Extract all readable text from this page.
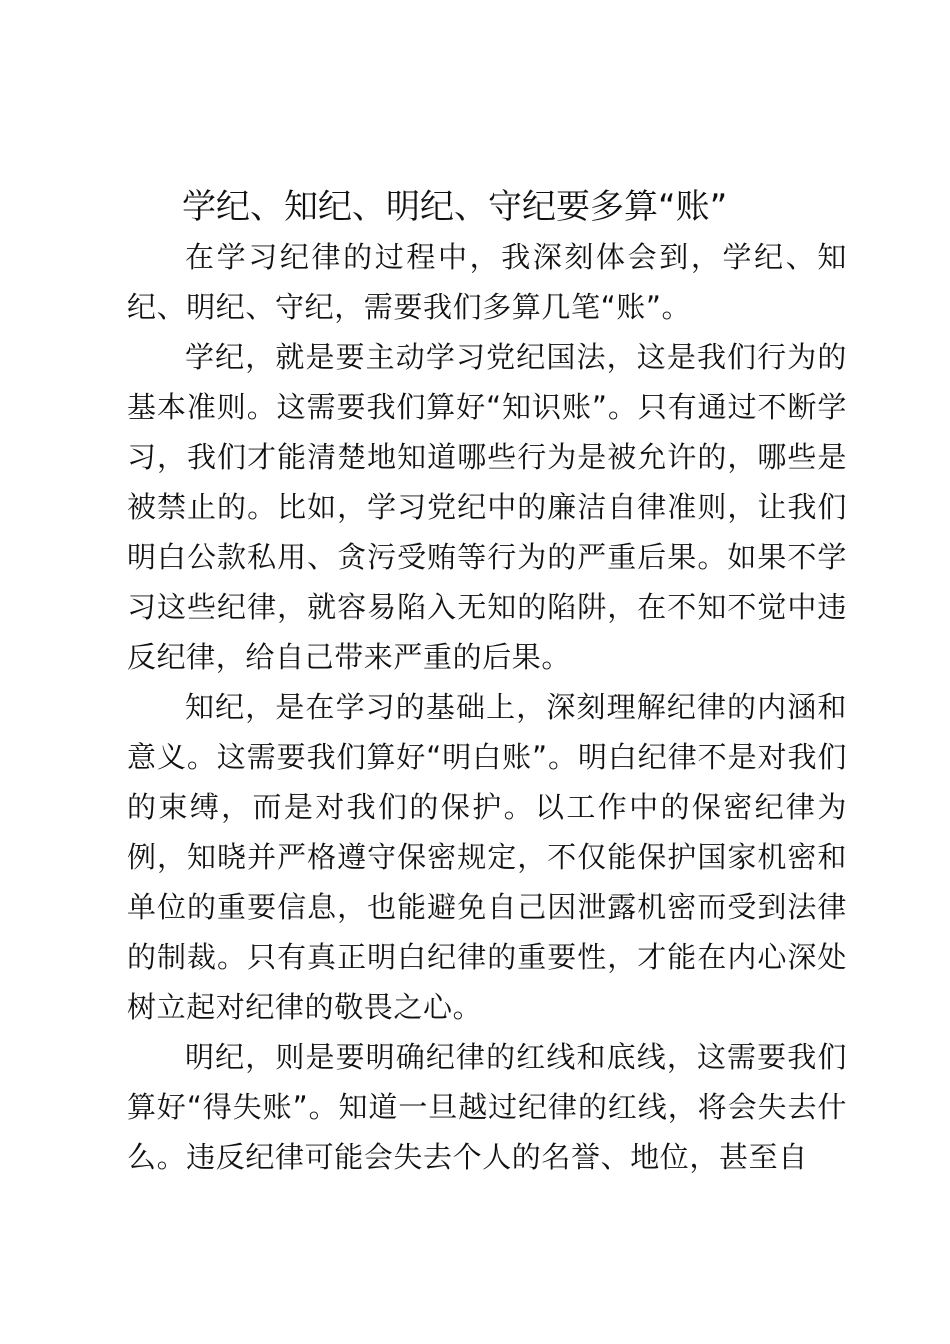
学纪、知纪、明纪、守纪要多算“账”

在学习纪律的过程中，我深刻体会到，学纪、知纪、明纪、守纪，需要我们多算几笔“账”。

学纪，就是要主动学习党纪国法，这是我们行为的基本准则。这需要我们算好“知识账”。只有通过不断学习，我们才能清楚地知道哪些行为是被允许的，哪些是被禁止的。比如，学习党纪中的廉洁自律准则，让我们明白公款私用、贪污受贿等行为的严重后果。如果不学习这些纪律，就容易陷入无知的陷阱，在不知不觉中违反纪律，给自己带来严重的后果。

知纪，是在学习的基础上，深刻理解纪律的内涵和意义。这需要我们算好“明白账”。明白纪律不是对我们的束缚，而是对我们的保护。以工作中的保密纪律为例，知晓并严格遵守保密规定，不仅能保护国家机密和单位的重要信息，也能避免自己因泄露机密而受到法律的制裁。只有真正明白纪律的重要性，才能在内心深处树立起对纪律的敬畏之心。

明纪，则是要明确纪律的红线和底线，这需要我们算好“得失账”。知道一旦越过纪律的红线，将会失去什么。违反纪律可能会失去个人的名誉、地位，甚至自
